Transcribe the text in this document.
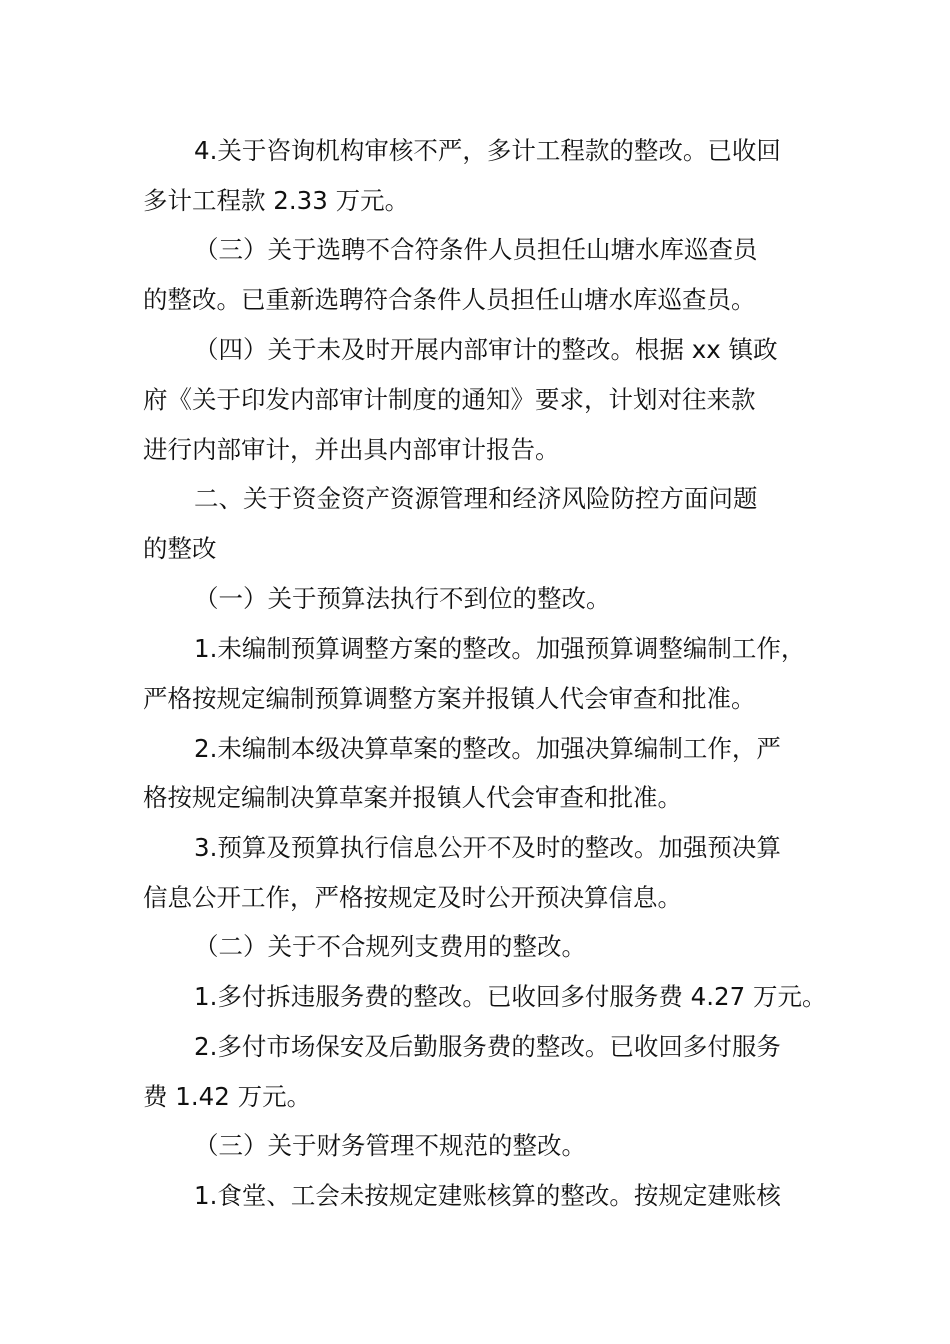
4.关于咨询机构审核不严，多计工程款的整改。已收回

多计工程款 2.33 万元。

（三）关于选聘不合符条件人员担任山塘水库巡查员

的整改。已重新选聘符合条件人员担任山塘水库巡查员。

（四）关于未及时开展内部审计的整改。根据 xx 镇政

府《关于印发内部审计制度的通知》要求，计划对往来款

进行内部审计，并出具内部审计报告。

二、关于资金资产资源管理和经济风险防控方面问题

的整改

（一）关于预算法执行不到位的整改。

1.未编制预算调整方案的整改。加强预算调整编制工作，

严格按规定编制预算调整方案并报镇人代会审查和批准。

2.未编制本级决算草案的整改。加强决算编制工作，严

格按规定编制决算草案并报镇人代会审查和批准。

3.预算及预算执行信息公开不及时的整改。加强预决算

信息公开工作，严格按规定及时公开预决算信息。

（二）关于不合规列支费用的整改。

1.多付拆违服务费的整改。已收回多付服务费 4.27 万元。

2.多付市场保安及后勤服务费的整改。已收回多付服务

费 1.42 万元。

（三）关于财务管理不规范的整改。

1.食堂、工会未按规定建账核算的整改。按规定建账核
